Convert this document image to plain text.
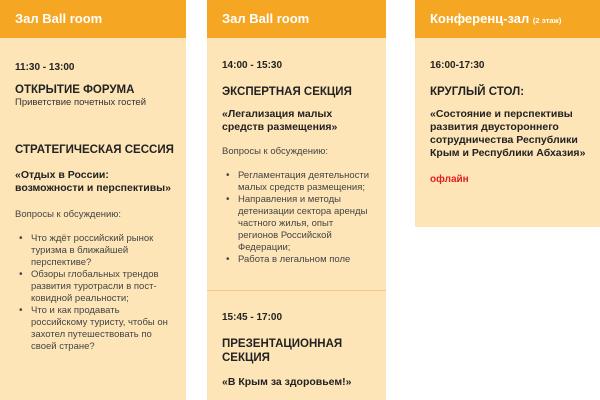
Зал Ball room
11:30 - 13:00
ОТКРЫТИЕ ФОРУМА
Приветствие почетных гостей
СТРАТЕГИЧЕСКАЯ СЕССИЯ
«Отдых в России: возможности и перспективы»
Вопросы к обсуждению:
• Что ждёт российский рынок туризма в ближайшей перспективе?
• Обзоры глобальных трендов развития туротрасли в пост-ковидной реальности;
• Что и как продавать российскому туристу, чтобы он захотел путешествовать по своей стране?
Зал Ball room
14:00 - 15:30
ЭКСПЕРТНАЯ СЕКЦИЯ
«Легализация малых средств размещения»
Вопросы к обсуждению:
• Регламентация деятельности малых средств размещения;
• Направления и методы детенизации сектора аренды частного жилья, опыт регионов Российской Федерации;
• Работа в легальном поле
15:45 - 17:00
ПРЕЗЕНТАЦИОННАЯ СЕКЦИЯ
«В Крым за здоровьем!»
Конференц-зал (2 этаж)
16:00-17:30
КРУГЛЫЙ СТОЛ:
«Состояние и перспективы развития двустороннего сотрудничества Республики Крым и Республики Абхазия»
офлайн
